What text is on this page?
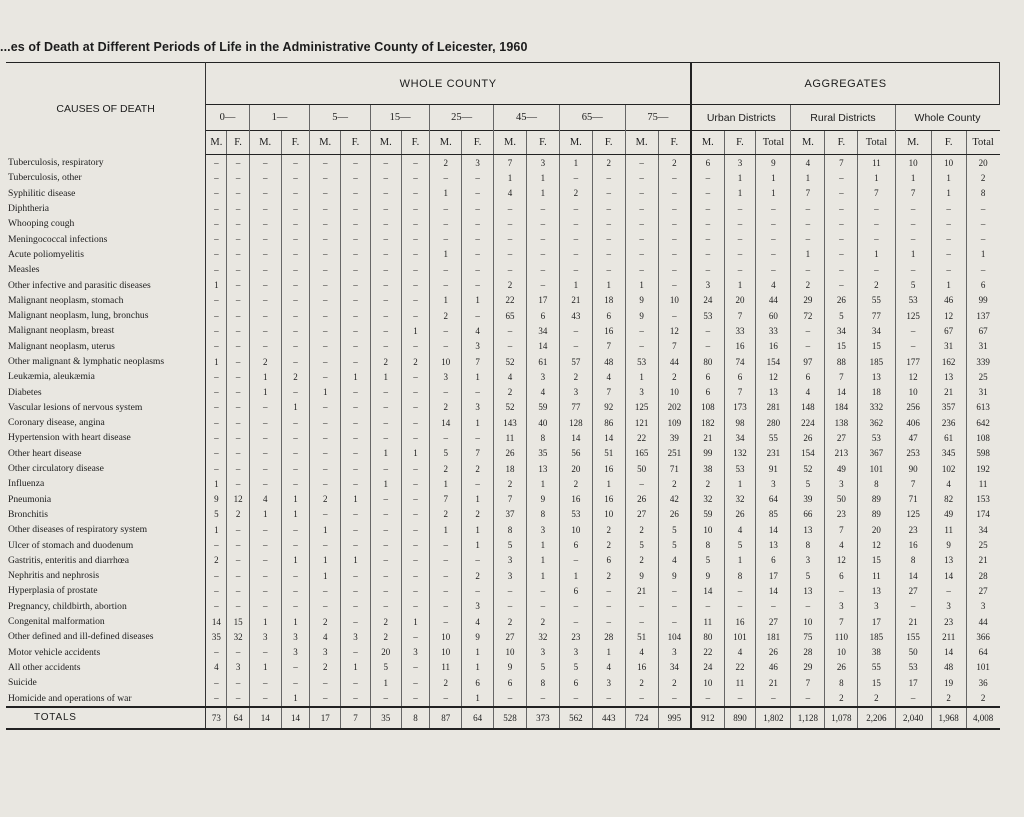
...es of Death at Different Periods of Life in the Administrative County of Leicester, 1960
CAUSES OF DEATH	WHOLE COUNTY																AGGREGATES								
	0—		1—		5—		15—		25—		45—		65—		75—		Urban Districts			Rural Districts			Whole County		
	M.	F.	M.	F.	M.	F.	M.	F.	M.	F.	M.	F.	M.	F.	M.	F.	M.	F.	Total	M.	F.	Total	M.	F.	Total
Tuberculosis, respiratory	–	–	–	–	–	–	–	–	2	3	7	3	1	2	–	2	6	3	9	4	7	11	10	10	20
Tuberculosis, other	–	–	–	–	–	–	–	–	–	–	1	1	–	–	–	–	–	1	1	1	–	1	1	1	2
Syphilitic disease	–	–	–	–	–	–	–	–	1	–	4	1	2	–	–	–	–	1	1	7	–	7	7	1	8
Diphtheria	–	–	–	–	–	–	–	–	–	–	–	–	–	–	–	–	–	–	–	–	–	–	–	–	–
Whooping cough	–	–	–	–	–	–	–	–	–	–	–	–	–	–	–	–	–	–	–	–	–	–	–	–	–
Meningococcal infections	–	–	–	–	–	–	–	–	–	–	–	–	–	–	–	–	–	–	–	–	–	–	–	–	–
Acute poliomyelitis	–	–	–	–	–	–	–	–	1	–	–	–	–	–	–	–	–	–	–	1	–	1	1	–	1
Measles	–	–	–	–	–	–	–	–	–	–	–	–	–	–	–	–	–	–	–	–	–	–	–	–	–
Other infective and parasitic diseases	1	–	–	–	–	–	–	–	–	–	2	–	1	1	1	–	3	1	4	2	–	2	5	1	6
Malignant neoplasm, stomach	–	–	–	–	–	–	–	–	1	1	22	17	21	18	9	10	24	20	44	29	26	55	53	46	99
Malignant neoplasm, lung, bronchus	–	–	–	–	–	–	–	–	2	–	65	6	43	6	9	–	53	7	60	72	5	77	125	12	137
Malignant neoplasm, breast	–	–	–	–	–	–	–	1	–	4	–	34	–	16	–	12	–	33	33	–	34	34	–	67	67
Malignant neoplasm, uterus	–	–	–	–	–	–	–	–	–	3	–	14	–	7	–	7	–	16	16	–	15	15	–	31	31
Other malignant & lymphatic neoplasms	1	–	2	–	–	–	2	2	10	7	52	61	57	48	53	44	80	74	154	97	88	185	177	162	339
Leukæmia, aleukæmia	–	–	1	2	–	1	1	–	3	1	4	3	2	4	1	2	6	6	12	6	7	13	12	13	25
Diabetes	–	–	1	–	1	–	–	–	–	–	2	4	3	7	3	10	6	7	13	4	14	18	10	21	31
Vascular lesions of nervous system	–	–	–	1	–	–	–	–	2	3	52	59	77	92	125	202	108	173	281	148	184	332	256	357	613
Coronary disease, angina	–	–	–	–	–	–	–	–	14	1	143	40	128	86	121	109	182	98	280	224	138	362	406	236	642
Hypertension with heart disease	–	–	–	–	–	–	–	–	–	–	11	8	14	14	22	39	21	34	55	26	27	53	47	61	108
Other heart disease	–	–	–	–	–	–	1	1	5	7	26	35	56	51	165	251	99	132	231	154	213	367	253	345	598
Other circulatory disease	–	–	–	–	–	–	–	–	2	2	18	13	20	16	50	71	38	53	91	52	49	101	90	102	192
Influenza	1	–	–	–	–	–	1	–	1	–	2	1	2	1	–	2	2	1	3	5	3	8	7	4	11
Pneumonia	9	12	4	1	2	1	–	–	7	1	7	9	16	16	26	42	32	32	64	39	50	89	71	82	153
Bronchitis	5	2	1	1	–	–	–	–	2	2	37	8	53	10	27	26	59	26	85	66	23	89	125	49	174
Other diseases of respiratory system	1	–	–	–	1	–	–	–	1	1	8	3	10	2	2	5	10	4	14	13	7	20	23	11	34
Ulcer of stomach and duodenum	–	–	–	–	–	–	–	–	–	1	5	1	6	2	5	5	8	5	13	8	4	12	16	9	25
Gastritis, enteritis and diarrhœa	2	–	–	1	1	1	–	–	–	–	3	1	–	6	2	4	5	1	6	3	12	15	8	13	21
Nephritis and nephrosis	–	–	–	–	1	–	–	–	–	2	3	1	1	2	9	9	9	8	17	5	6	11	14	14	28
Hyperplasia of prostate	–	–	–	–	–	–	–	–	–	–	–	–	6	–	21	–	14	–	14	13	–	13	27	–	27
Pregnancy, childbirth, abortion	–	–	–	–	–	–	–	–	–	3	–	–	–	–	–	–	–	–	–	–	3	3	–	3	3
Congenital malformation	14	15	1	1	2	–	2	1	–	4	2	2	–	–	–	–	11	16	27	10	7	17	21	23	44
Other defined and ill-defined diseases	35	32	3	3	4	3	2	–	10	9	27	32	23	28	51	104	80	101	181	75	110	185	155	211	366
Motor vehicle accidents	–	–	–	3	3	–	20	3	10	1	10	3	3	1	4	3	22	4	26	28	10	38	50	14	64
All other accidents	4	3	1	–	2	1	5	–	11	1	9	5	5	4	16	34	24	22	46	29	26	55	53	48	101
Suicide	–	–	–	–	–	–	1	–	2	6	6	8	6	3	2	2	10	11	21	7	8	15	17	19	36
Homicide and operations of war	–	–	–	1	–	–	–	–	–	1	–	–	–	–	–	–	–	–	–	–	2	2	–	2	2
TOTALS	73	64	14	14	17	7	35	8	87	64	528	373	562	443	724	995	912	890	1,802	1,128	1,078	2,206	2,040	1,968	4,008
